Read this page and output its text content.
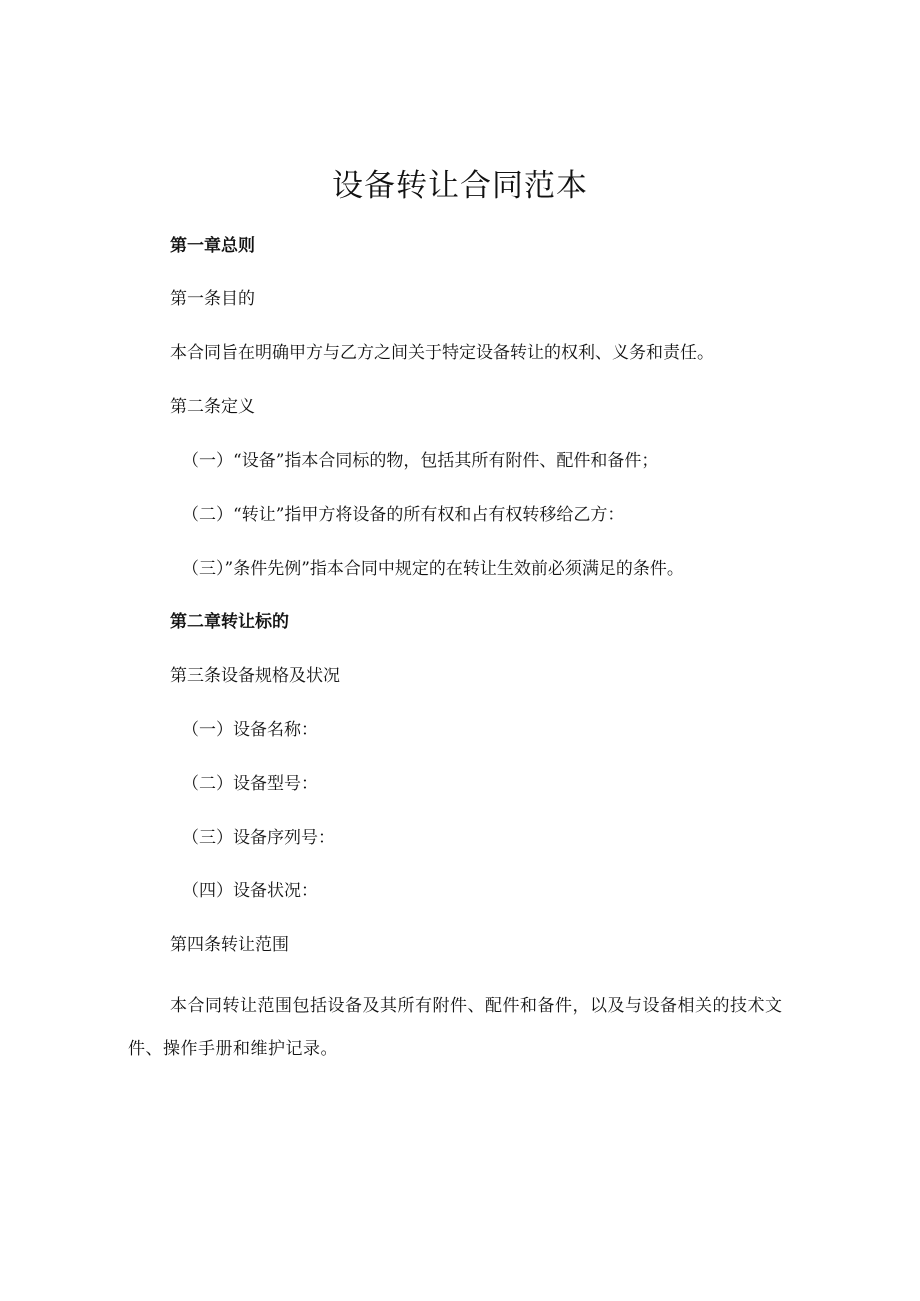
设备转让合同范本

第一章总则

第一条目的

本合同旨在明确甲方与乙方之间关于特定设备转让的权利、义务和责任。

第二条定义

（一）“设备”指本合同标的物，包括其所有附件、配件和备件；

（二）“转让”指甲方将设备的所有权和占有权转移给乙方：

（三）”条件先例”指本合同中规定的在转让生效前必须满足的条件。

第二章转让标的

第三条设备规格及状况

（一）设备名称：

（二）设备型号：

（三）设备序列号：

（四）设备状况：

第四条转让范围

本合同转让范围包括设备及其所有附件、配件和备件，以及与设备相关的技术文件、操作手册和维护记录。
